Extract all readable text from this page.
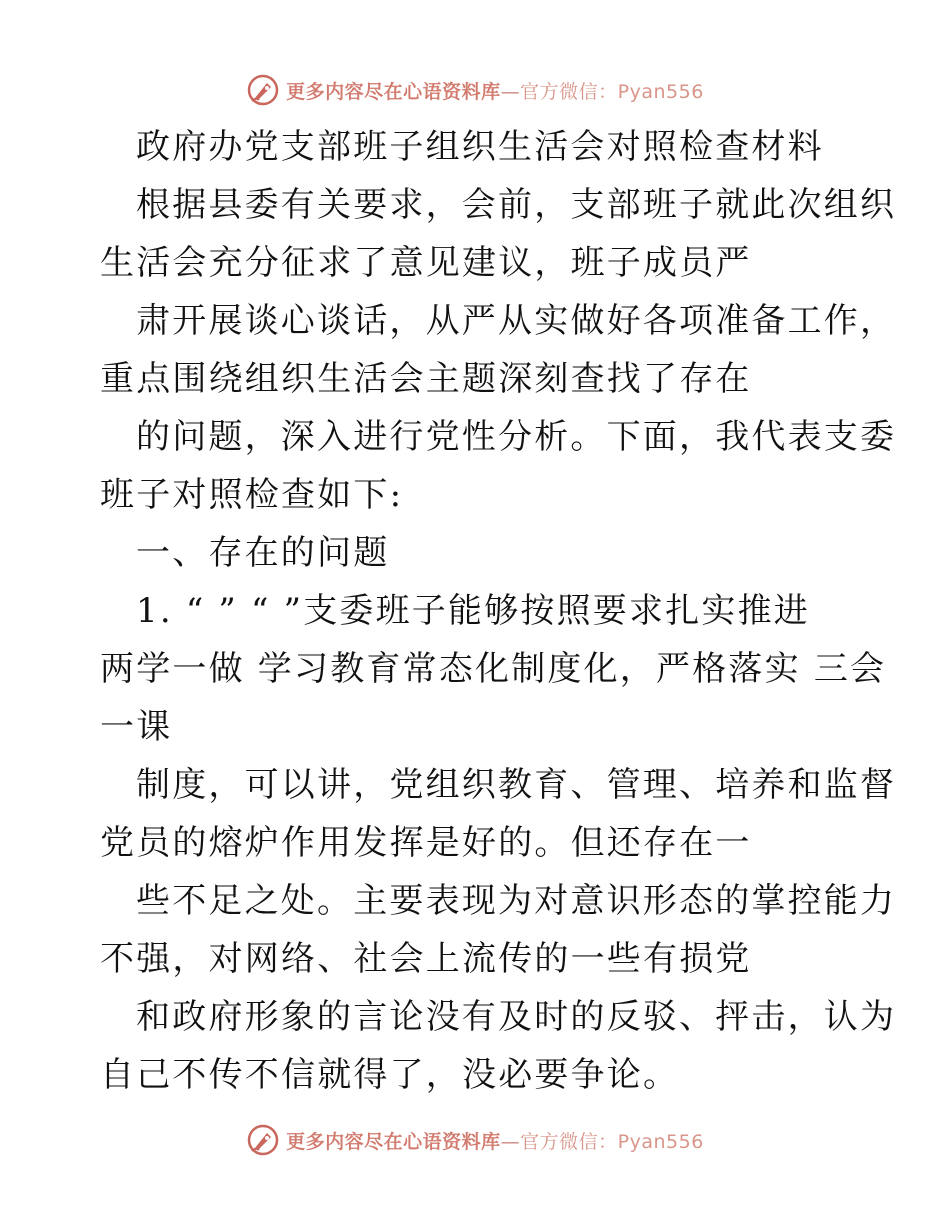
更多内容尽在心语资料库—官方微信：Pyan556
政府办党支部班子组织生活会对照检查材料
根据县委有关要求，会前，支部班子就此次组织
生活会充分征求了意见建议，班子成员严
肃开展谈心谈话，从严从实做好各项准备工作，
重点围绕组织生活会主题深刻查找了存在
的问题，深入进行党性分析。下面，我代表支委
班子对照检查如下:
一、存在的问题
1. “ ” “ ”支委班子能够按照要求扎实推进
两学一做 学习教育常态化制度化，严格落实 三会
一课
制度，可以讲，党组织教育、管理、培养和监督
党员的熔炉作用发挥是好的。但还存在一
些不足之处。主要表现为对意识形态的掌控能力
不强，对网络、社会上流传的一些有损党
和政府形象的言论没有及时的反驳、抨击，认为
自己不传不信就得了，没必要争论。
更多内容尽在心语资料库—官方微信：Pyan556
